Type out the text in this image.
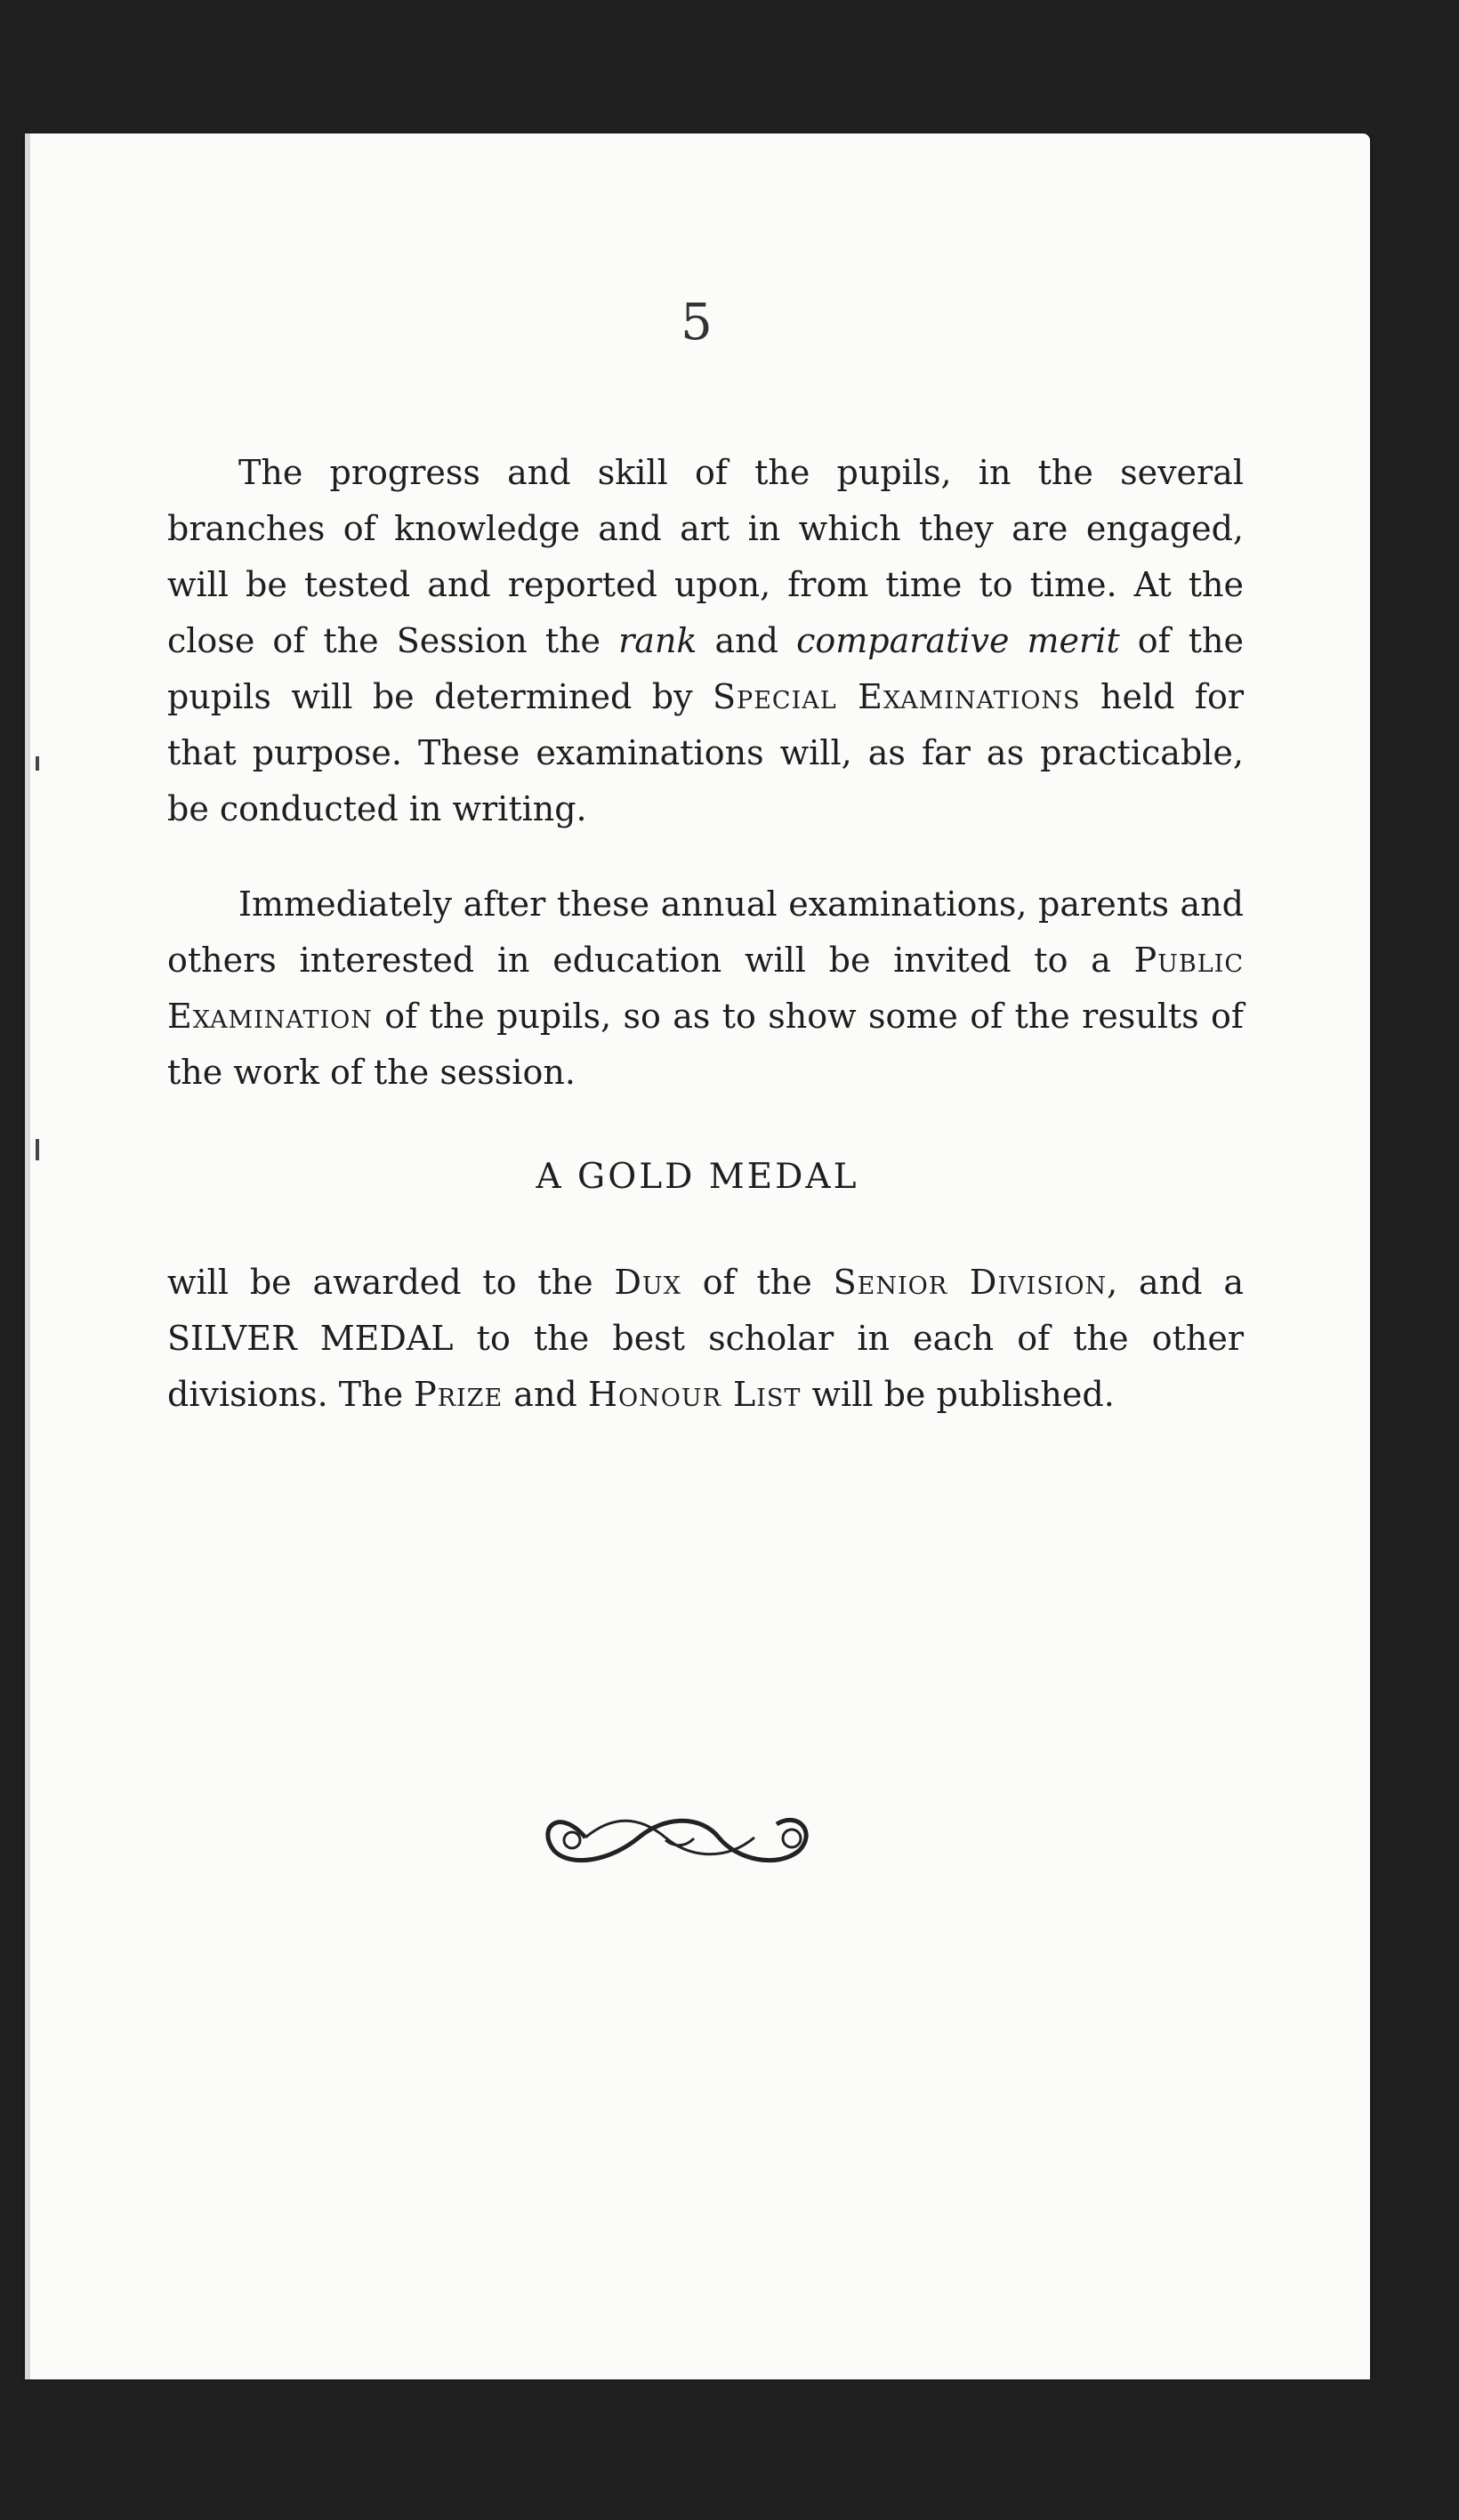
5
The progress and skill of the pupils, in the several branches of knowledge and art in which they are engaged, will be tested and reported upon, from time to time. At the close of the Session the rank and comparative merit of the pupils will be determined by Special Examinations held for that purpose. These examinations will, as far as practicable, be conducted in writing.
Immediately after these annual examinations, parents and others interested in education will be invited to a Public Examination of the pupils, so as to show some of the results of the work of the session.
A GOLD MEDAL
will be awarded to the Dux of the Senior Division, and a SILVER MEDAL to the best scholar in each of the other divisions. The Prize and Honour List will be published.
